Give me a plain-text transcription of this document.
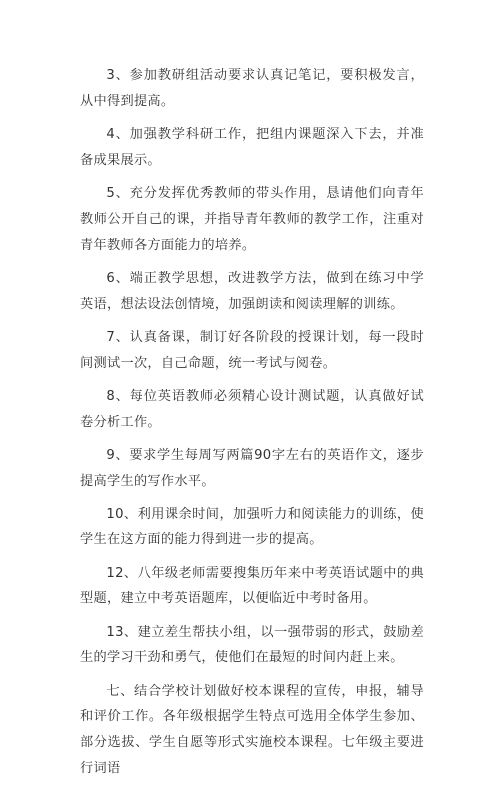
3、参加教研组活动要求认真记笔记，要积极发言，从中得到提高。

4、加强教学科研工作，把组内课题深入下去，并准备成果展示。

5、充分发挥优秀教师的带头作用，恳请他们向青年教师公开自己的课，并指导青年教师的教学工作，注重对青年教师各方面能力的培养。

6、端正教学思想，改进教学方法，做到在练习中学英语，想法设法创情境，加强朗读和阅读理解的训练。

7、认真备课，制订好各阶段的授课计划，每一段时间测试一次，自己命题，统一考试与阅卷。

8、每位英语教师必须精心设计测试题，认真做好试卷分析工作。

9、要求学生每周写两篇90字左右的英语作文，逐步提高学生的写作水平。

10、利用课余时间，加强听力和阅读能力的训练，使学生在这方面的能力得到进一步的提高。

12、八年级老师需要搜集历年来中考英语试题中的典型题，建立中考英语题库，以便临近中考时备用。

13、建立差生帮扶小组，以一强带弱的形式，鼓励差生的学习干劲和勇气，使他们在最短的时间内赶上来。

七、结合学校计划做好校本课程的宣传，申报，辅导和评价工作。各年级根据学生特点可选用全体学生参加、部分选拔、学生自愿等形式实施校本课程。七年级主要进行词语
